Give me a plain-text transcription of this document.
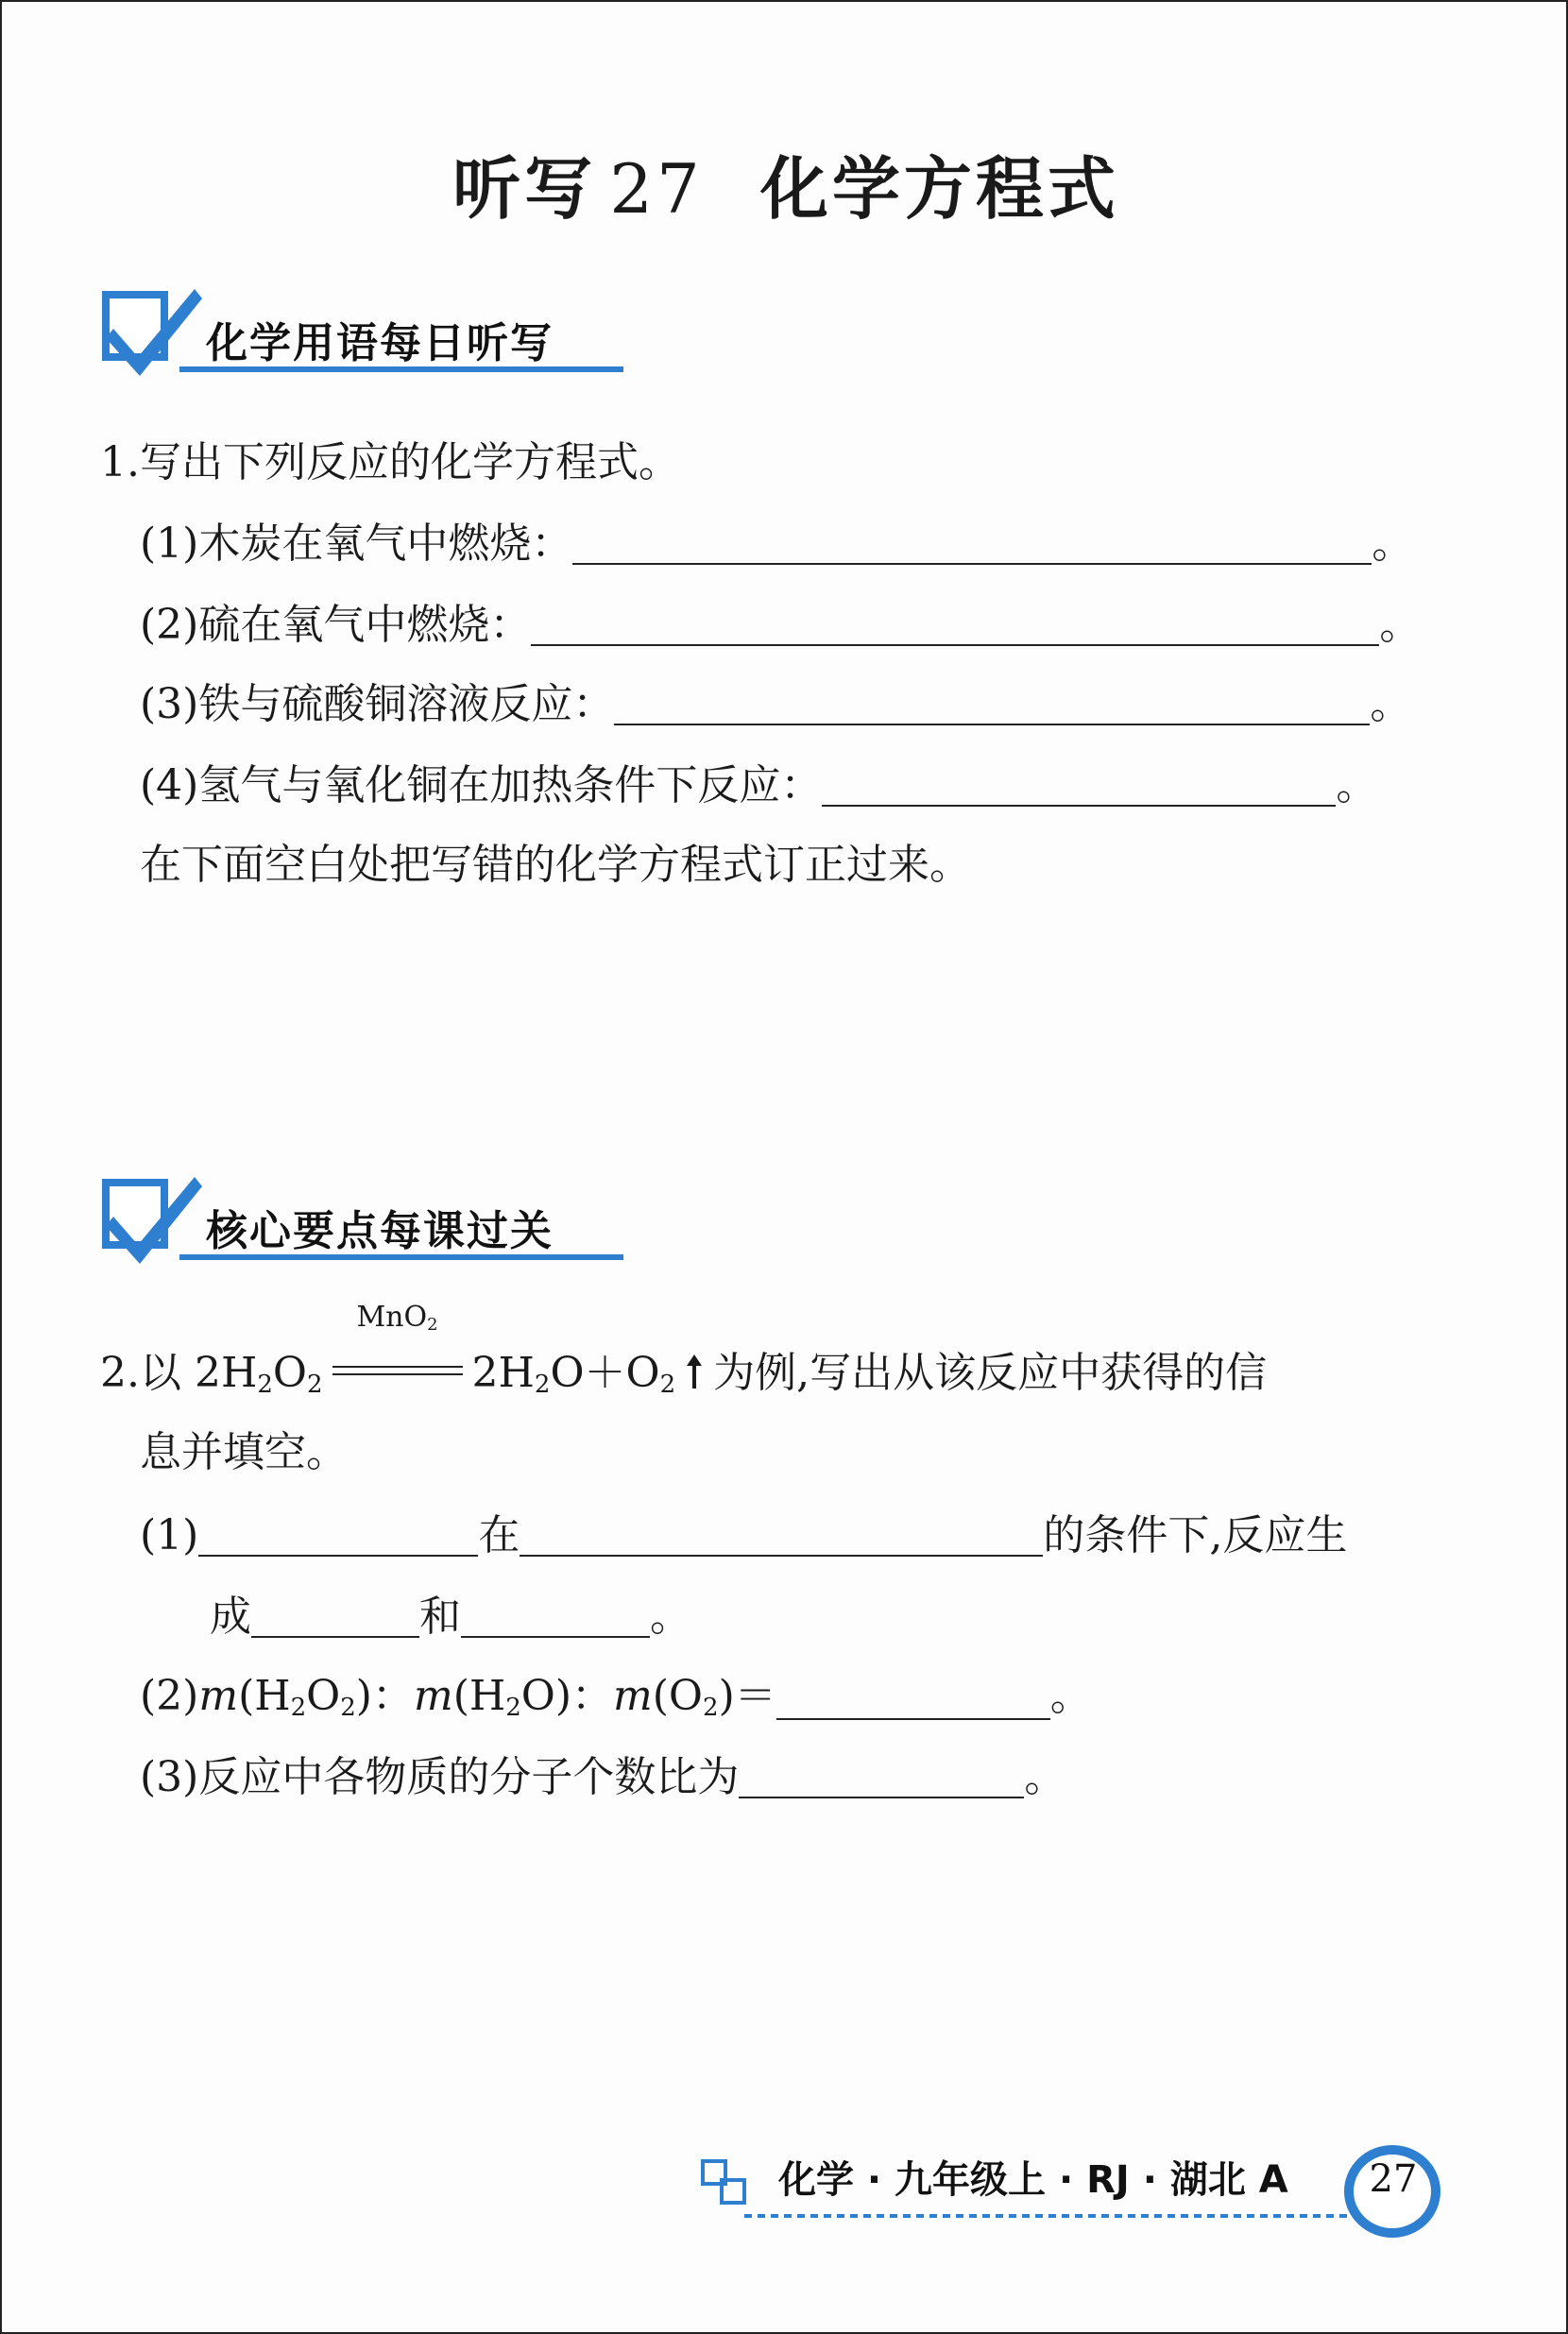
听写 27 化学方程式
化学用语每日听写
1.写出下列反应的化学方程式。
(1)木炭在氧气中燃烧：	。
(2)硫在氧气中燃烧：	。
(3)铁与硫酸铜溶液反应：	。
(4)氢气与氧化铜在加热条件下反应：	。
在下面空白处把写错的化学方程式订正过来。
核心要点每课过关
2.以 $2H_2O_2$
MnO2
$2H_2O+O_2$ 为例,写出从该反应中获得的信
息并填空。
(1)	在	的条件下,反应生
成	和	。
$(2)m(H_2O_2)$：$m(H_2O)$：$m(O_2)=$	。
(3)反应中各物质的分子个数比为	。
化学 · 九年级上 · RJ · 湖北 A	27
